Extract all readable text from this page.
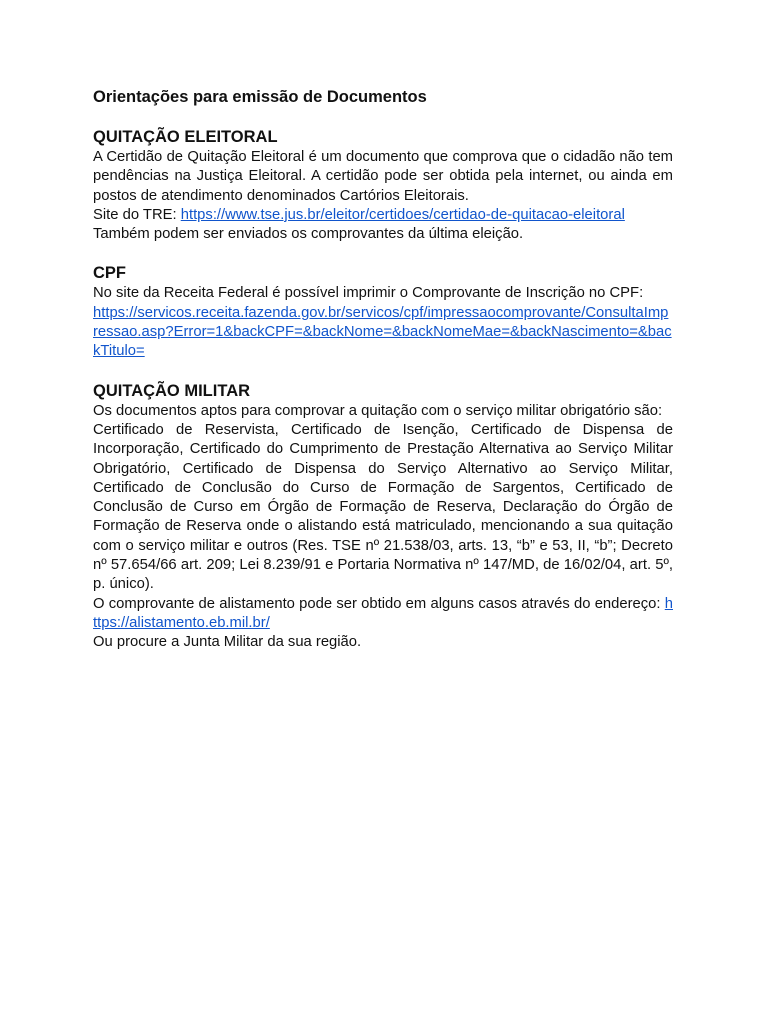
Orientações para emissão de Documentos

QUITAÇÃO ELEITORAL

A Certidão de Quitação Eleitoral é um documento que comprova que o cidadão não tem pendências na Justiça Eleitoral. A certidão pode ser obtida pela internet, ou ainda em postos de atendimento denominados Cartórios Eleitorais.

Site do TRE: https://www.tse.jus.br/eleitor/certidoes/certidao-de-quitacao-eleitoral

Também podem ser enviados os comprovantes da última eleição.

CPF

No site da Receita Federal é possível imprimir o Comprovante de Inscrição no CPF:

https://servicos.receita.fazenda.gov.br/servicos/cpf/impressaocomprovante/ConsultaImpressao.asp?Error=1&backCPF=&backNome=&backNomeMae=&backNascimento=&backTitulo=

QUITAÇÃO MILITAR

Os documentos aptos para comprovar a quitação com o serviço militar obrigatório são:

Certificado de Reservista, Certificado de Isenção, Certificado de Dispensa de Incorporação, Certificado do Cumprimento de Prestação Alternativa ao Serviço Militar Obrigatório, Certificado de Dispensa do Serviço Alternativo ao Serviço Militar, Certificado de Conclusão do Curso de Formação de Sargentos, Certificado de Conclusão de Curso em Órgão de Formação de Reserva, Declaração do Órgão de Formação de Reserva onde o alistando está matriculado, mencionando a sua quitação com o serviço militar e outros (Res. TSE nº 21.538/03, arts. 13, “b” e 53, II, “b”; Decreto nº 57.654/66 art. 209; Lei 8.239/91 e Portaria Normativa nº 147/MD, de 16/02/04, art. 5º, p. único).

O comprovante de alistamento pode ser obtido em alguns casos através do endereço: https://alistamento.eb.mil.br/

Ou procure a Junta Militar da sua região.
